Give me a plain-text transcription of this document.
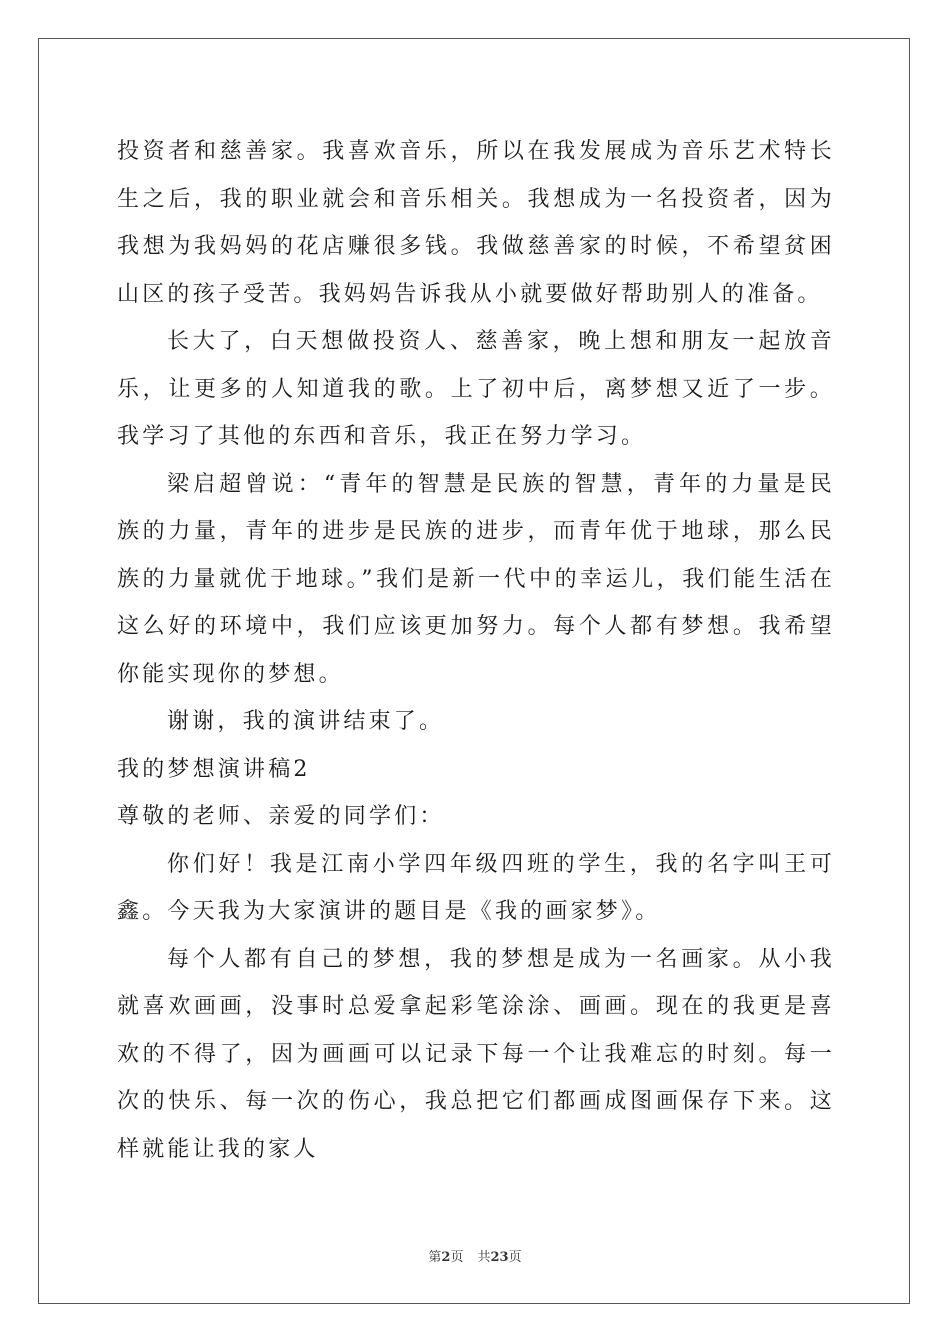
投资者和慈善家。我喜欢音乐，所以在我发展成为音乐艺术特长生之后，我的职业就会和音乐相关。我想成为一名投资者，因为我想为我妈妈的花店赚很多钱。我做慈善家的时候，不希望贫困山区的孩子受苦。我妈妈告诉我从小就要做好帮助别人的准备。

长大了，白天想做投资人、慈善家，晚上想和朋友一起放音乐，让更多的人知道我的歌。上了初中后，离梦想又近了一步。我学习了其他的东西和音乐，我正在努力学习。

梁启超曾说：“青年的智慧是民族的智慧，青年的力量是民族的力量，青年的进步是民族的进步，而青年优于地球，那么民族的力量就优于地球。”我们是新一代中的幸运儿，我们能生活在这么好的环境中，我们应该更加努力。每个人都有梦想。我希望你能实现你的梦想。

谢谢，我的演讲结束了。

我的梦想演讲稿2

尊敬的老师、亲爱的同学们：

你们好！我是江南小学四年级四班的学生，我的名字叫王可鑫。今天我为大家演讲的题目是《我的画家梦》。

每个人都有自己的梦想，我的梦想是成为一名画家。从小我就喜欢画画，没事时总爱拿起彩笔涂涂、画画。现在的我更是喜欢的不得了，因为画画可以记录下每一个让我难忘的时刻。每一次的快乐、每一次的伤心，我总把它们都画成图画保存下来。这样就能让我的家人

第2页 共23页
